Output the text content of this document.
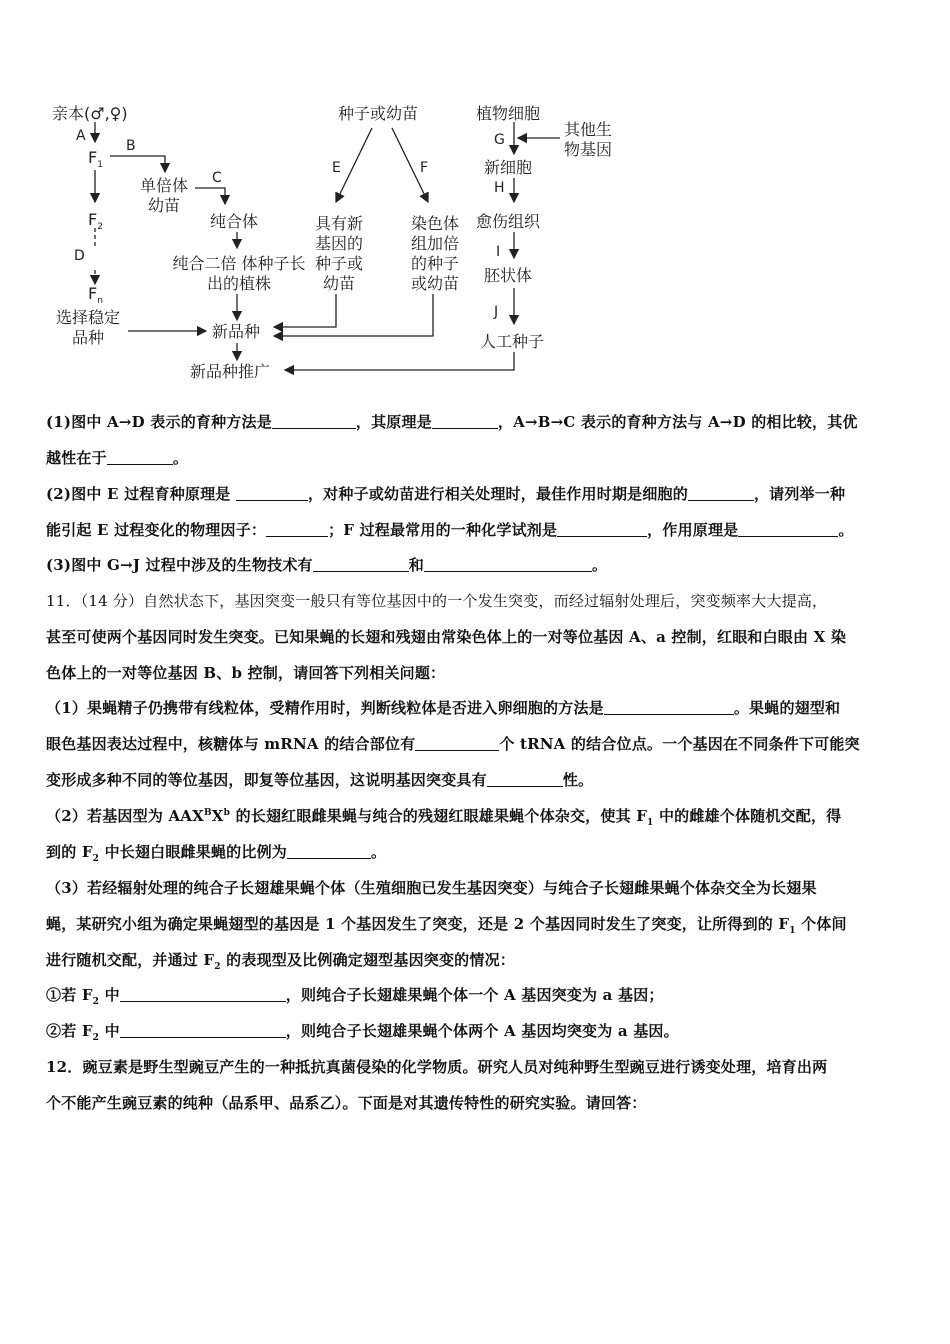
亲本(♂,♀)
A
$F_1$
B
单倍体幼苗
C
纯合体
$F_2$
D	纯合二倍 体种子长出的植株
$F_n$
选择稳定品种	新品种
新品种推广
种子或幼苗
E	F
具有新基因的种子或幼苗
染色体组加倍的种子或幼苗
植物细胞
其他生物基因
G
新细胞
H
愈伤组织
I
胚状体
J
人工种子
(1)图中 A→D 表示的育种方法是	，其原理是	，A→B→C 表示的育种方法与 A→D 的相比较，其优
越性在于	。
(2)图中 E 过程育种原理是	，对种子或幼苗进行相关处理时，最佳作用时期是细胞的	，请列举一种
能引起 E 过程变化的物理因子：	；F 过程最常用的一种化学试剂是	，作用原理是	。
(3)图中 G→J 过程中涉及的生物技术有	和	。
11．（14 分）自然状态下，基因突变一般只有等位基因中的一个发生突变，而经过辐射处理后，突变频率大大提高，
甚至可使两个基因同时发生突变。已知果蝇的长翅和残翅由常染色体上的一对等位基因 A、a 控制，红眼和白眼由 X 染
色体上的一对等位基因 B、b 控制，请回答下列相关问题：
（1）果蝇精子仍携带有线粒体，受精作用时，判断线粒体是否进入卵细胞的方法是	。果蝇的翅型和
眼色基因表达过程中，核糖体与 mRNA 的结合部位有	个 tRNA 的结合位点。一个基因在不同条件下可能突
变形成多种不同的等位基因，即复等位基因，这说明基因突变具有	性。
（2）若基因型为 $AAX^BX^b$ 的长翅红眼雌果蝇与纯合的残翅红眼雄果蝇个体杂交，使其 $F_1$ 中的雌雄个体随机交配，得
到的 $F_2$ 中长翅白眼雌果蝇的比例为	。
（3）若经辐射处理的纯合子长翅雄果蝇个体（生殖细胞已发生基因突变）与纯合子长翅雌果蝇个体杂交全为长翅果
蝇，某研究小组为确定果蝇翅型的基因是 1 个基因发生了突变，还是 2 个基因同时发生了突变，让所得到的 $F_1$ 个体间
进行随机交配，并通过 $F_2$ 的表现型及比例确定翅型基因突变的情况：
①若 $F_2$ 中	，则纯合子长翅雄果蝇个体一个 A 基因突变为 a 基因；
②若 $F_2$ 中	，则纯合子长翅雄果蝇个体两个 A 基因均突变为 a 基因。
12．豌豆素是野生型豌豆产生的一种抵抗真菌侵染的化学物质。研究人员对纯种野生型豌豆进行诱变处理，培育出两
个不能产生豌豆素的纯种（品系甲、品系乙）。下面是对其遗传特性的研究实验。请回答：
